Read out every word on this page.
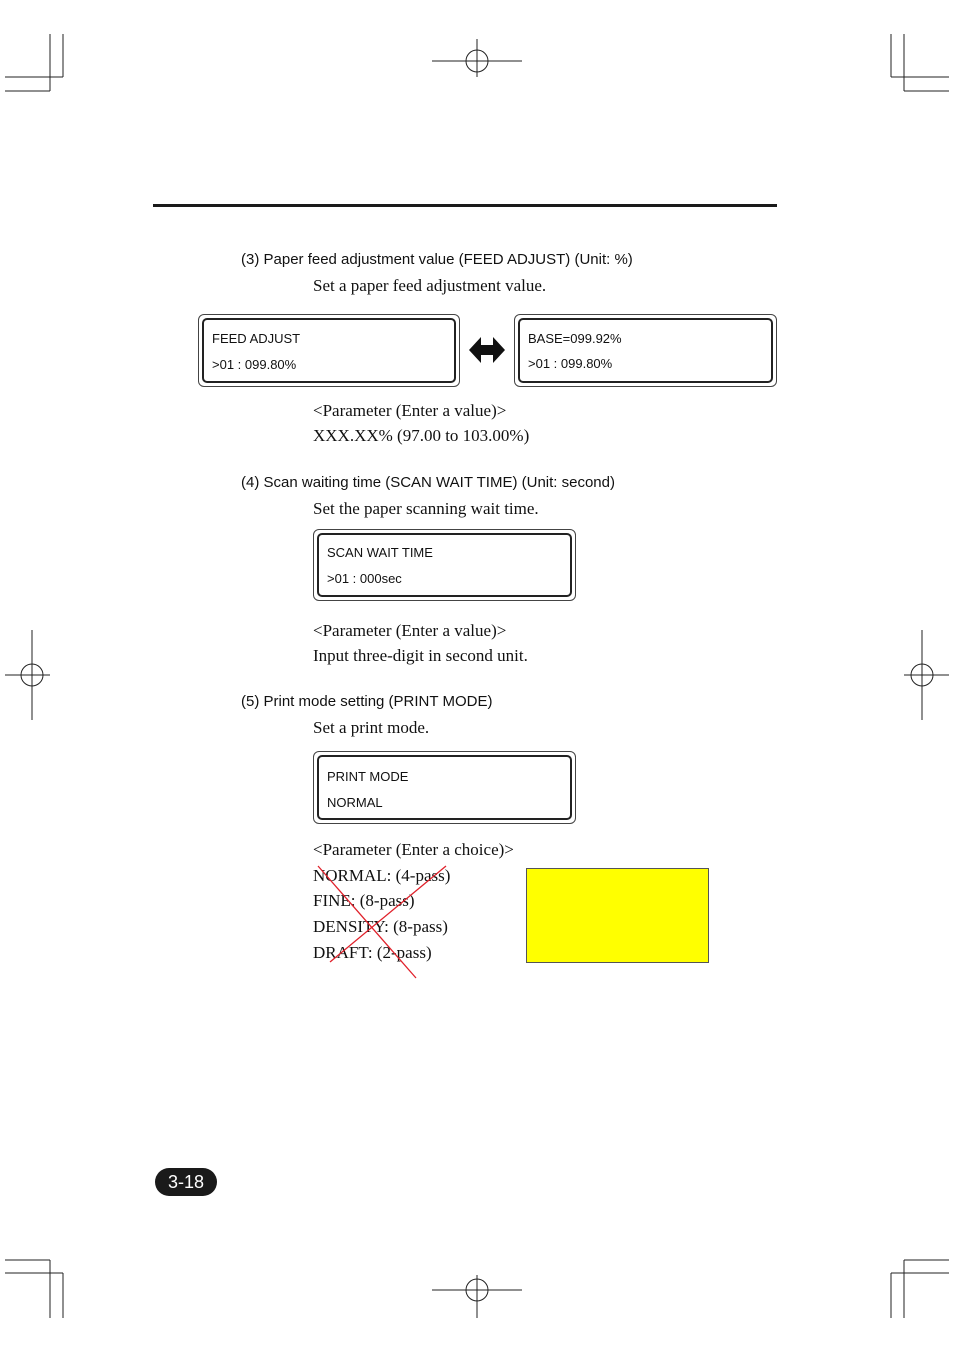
(3) Paper feed adjustment value (FEED ADJUST) (Unit: %)
Set a paper feed adjustment value.
FEED ADJUST
>01 : 099.80%
BASE=099.92%
>01 : 099.80%
<Parameter (Enter a value)>
XXX.XX% (97.00 to 103.00%)
(4) Scan waiting time (SCAN WAIT TIME) (Unit: second)
Set the paper scanning wait time.
SCAN WAIT TIME
>01 : 000sec
<Parameter (Enter a value)>
Input three-digit in second unit.
(5) Print mode setting (PRINT MODE)
Set a print mode.
PRINT MODE
NORMAL
<Parameter (Enter a choice)>
NORMAL: (4-pass)
FINE: (8-pass)
DENSITY: (8-pass)
DRAFT: (2-pass)
3-18
